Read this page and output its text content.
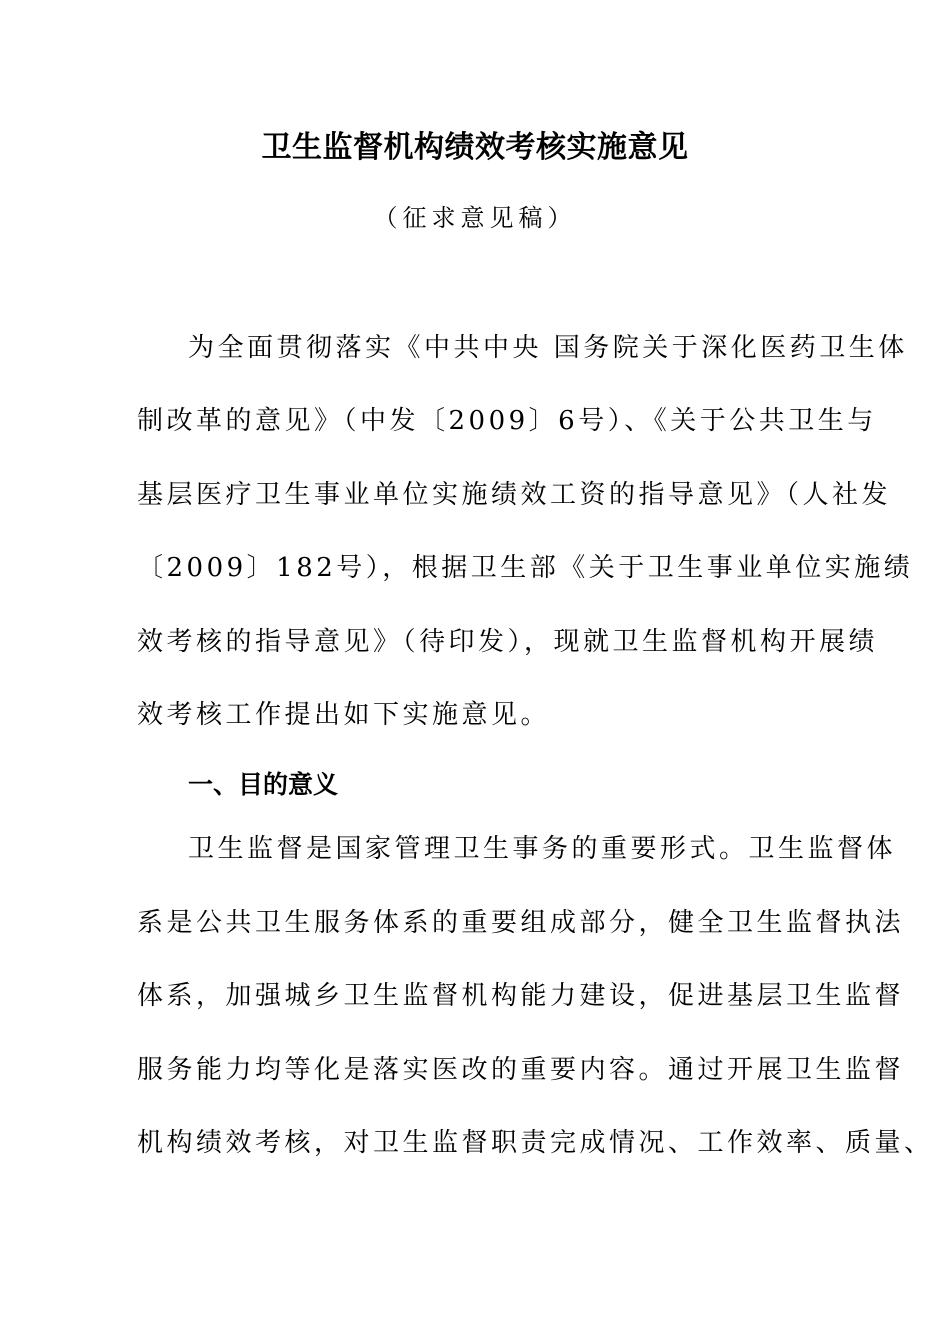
卫生监督机构绩效考核实施意见
（征求意见稿）
为全面贯彻落实《中共中央 国务院关于深化医药卫生体
制改革的意见》（中发〔2009〕6号）、《关于公共卫生与
基层医疗卫生事业单位实施绩效工资的指导意见》（人社发
〔2009〕182号），根据卫生部《关于卫生事业单位实施绩
效考核的指导意见》（待印发），现就卫生监督机构开展绩
效考核工作提出如下实施意见。
一、目的意义
卫生监督是国家管理卫生事务的重要形式。卫生监督体
系是公共卫生服务体系的重要组成部分，健全卫生监督执法
体系，加强城乡卫生监督机构能力建设，促进基层卫生监督
服务能力均等化是落实医改的重要内容。通过开展卫生监督
机构绩效考核，对卫生监督职责完成情况、工作效率、质量、
